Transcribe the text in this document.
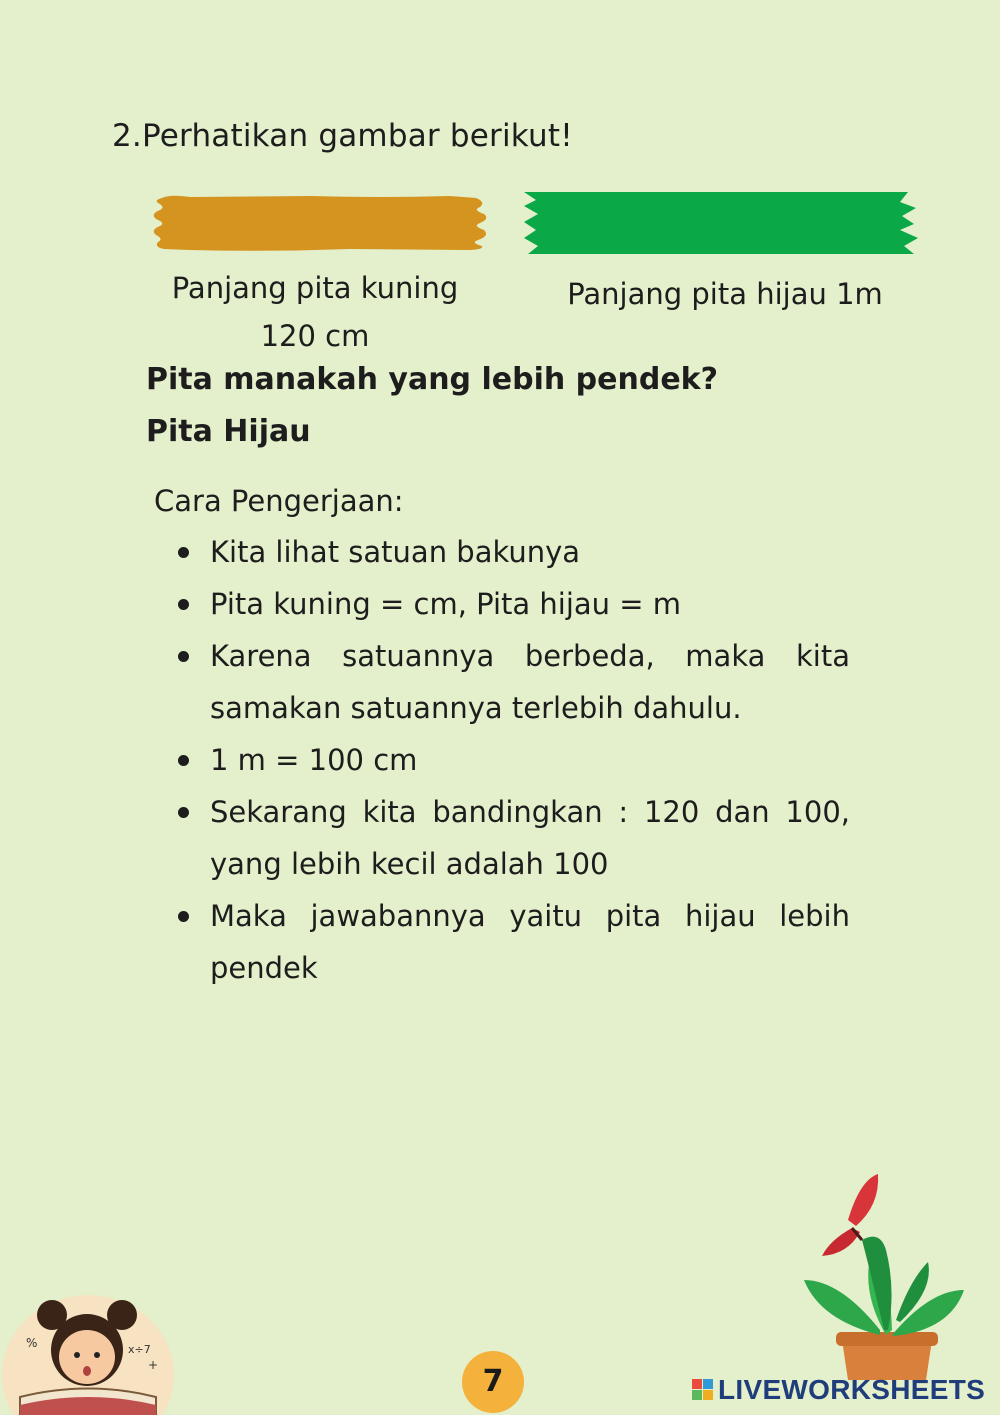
2.Perhatikan gambar berikut!
Panjang pita kuning
120 cm
Panjang pita hijau 1m
Pita manakah yang lebih pendek?
Pita Hijau
Cara Pengerjaan:
Kita lihat satuan bakunya
Pita kuning = cm, Pita hijau = m
Karena satuannya berbeda, maka kita samakan satuannya terlebih dahulu.
1 m = 100 cm
Sekarang kita bandingkan : 120 dan 100, yang lebih kecil adalah 100
Maka jawabannya yaitu pita hijau lebih pendek
%	x÷7
+	7	LIVEWORKSHEETS
